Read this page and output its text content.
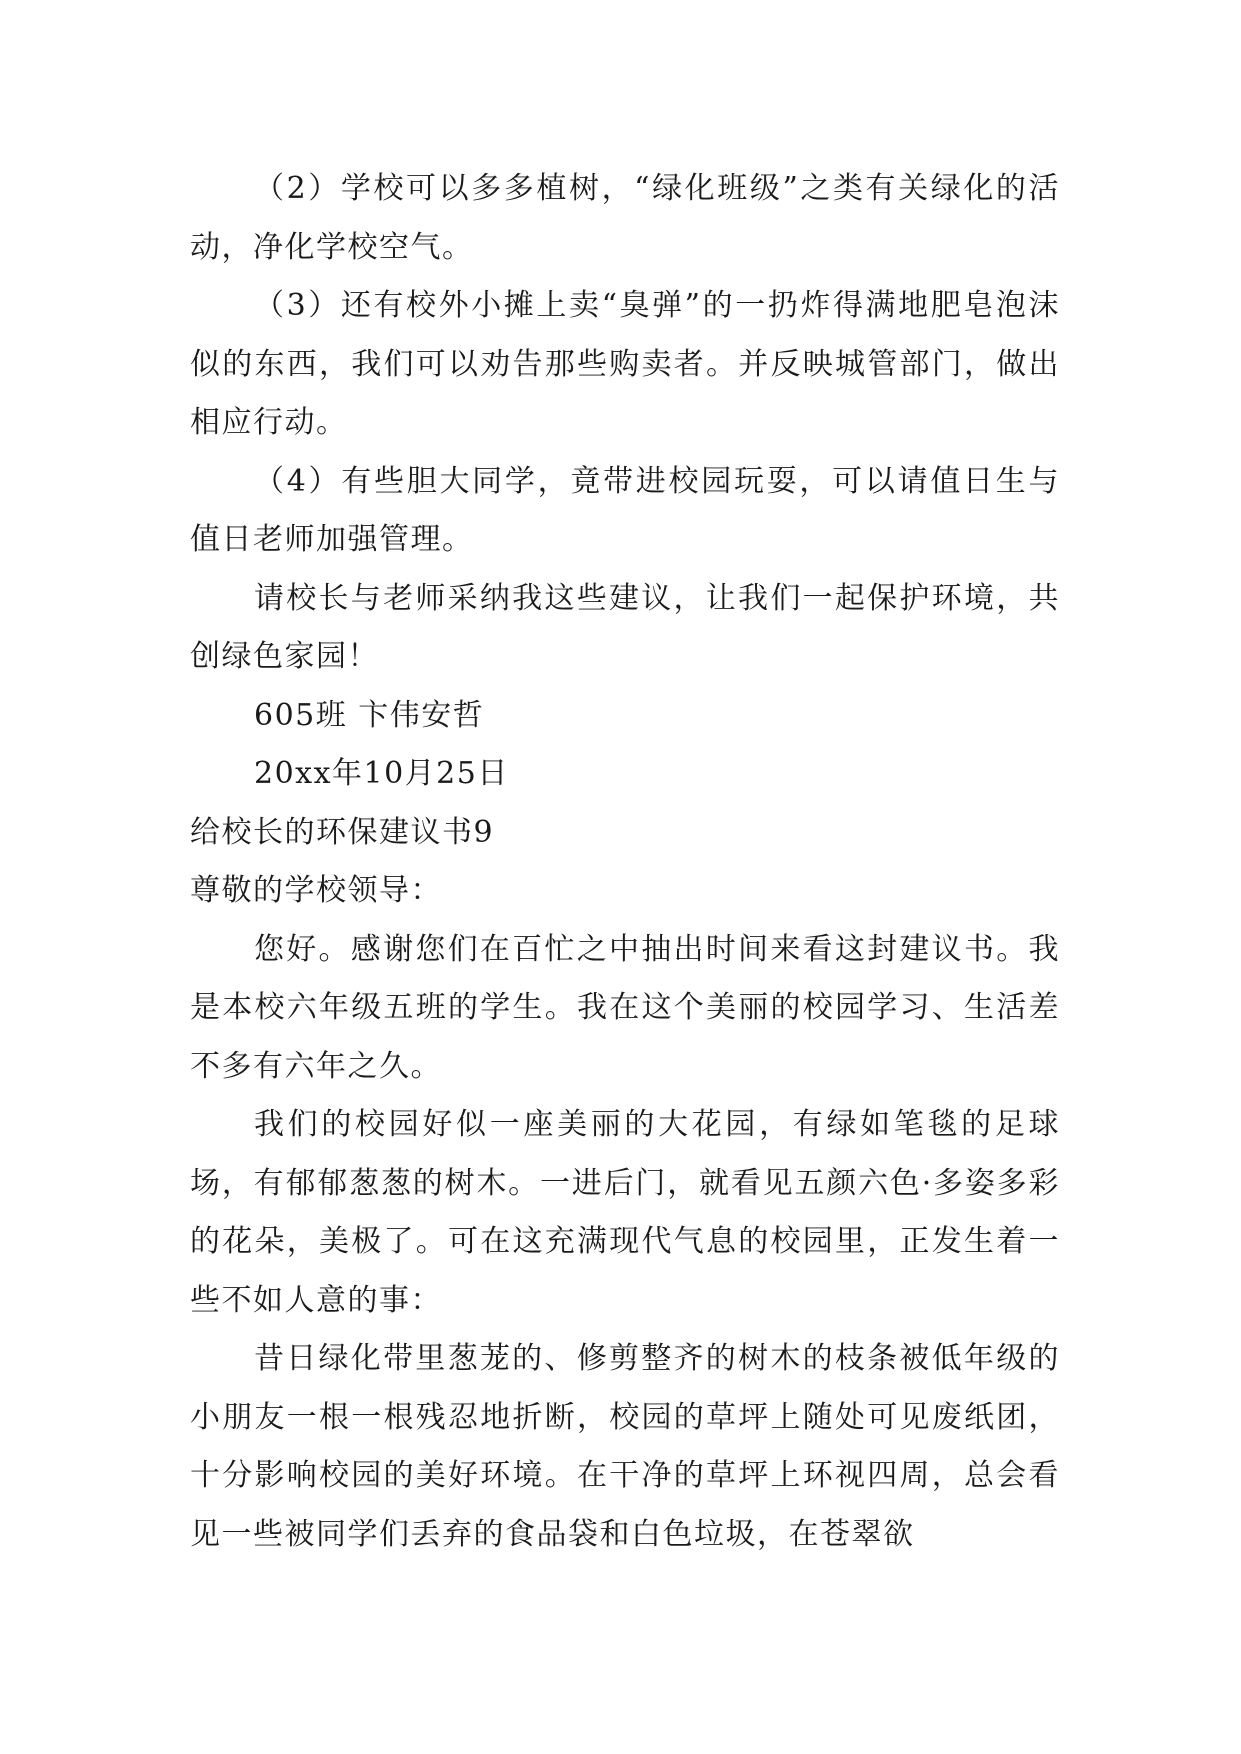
（2）学校可以多多植树，“绿化班级”之类有关绿化的活动，净化学校空气。

（3）还有校外小摊上卖“臭弹”的一扔炸得满地肥皂泡沫似的东西，我们可以劝告那些购卖者。并反映城管部门，做出相应行动。

（4）有些胆大同学，竟带进校园玩耍，可以请值日生与值日老师加强管理。

请校长与老师采纳我这些建议，让我们一起保护环境，共创绿色家园！

605班 卞伟安哲

20xx年10月25日

给校长的环保建议书9

尊敬的学校领导：

您好。感谢您们在百忙之中抽出时间来看这封建议书。我是本校六年级五班的学生。我在这个美丽的校园学习、生活差不多有六年之久。

我们的校园好似一座美丽的大花园，有绿如笔毯的足球场，有郁郁葱葱的树木。一进后门，就看见五颜六色·多姿多彩的花朵，美极了。可在这充满现代气息的校园里，正发生着一些不如人意的事：

昔日绿化带里葱茏的、修剪整齐的树木的枝条被低年级的小朋友一根一根残忍地折断，校园的草坪上随处可见废纸团，十分影响校园的美好环境。在干净的草坪上环视四周，总会看见一些被同学们丢弃的食品袋和白色垃圾，在苍翠欲
